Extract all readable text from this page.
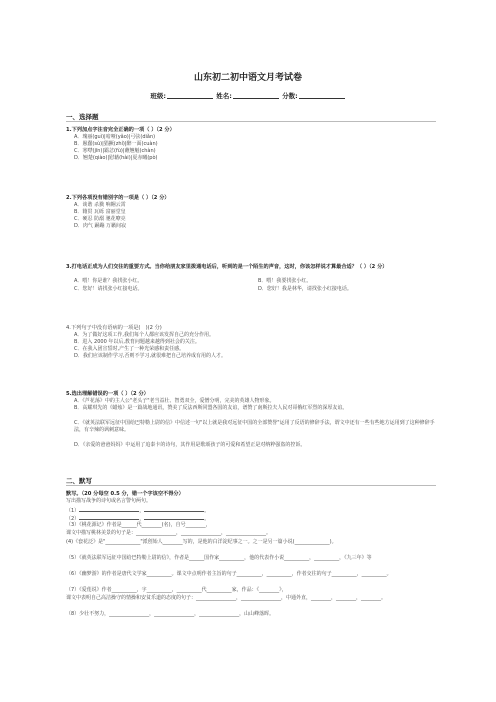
山东初二初中语文月考试卷
班级:	姓名:	分数:
一、选择题
1.下列加点字注音完全正确的一项（ ）（2 分）
A．瑰丽(guì)|喑哑(yǎo)|弓弦(diǎn)
B．愚蠢(sù)|猖獗(zhí)|醉一面(cuàn)
C．寒噤(jīn)|霸忿(fù)|蘸翘魁(chàn)
D．翘楚(qiào)|慰藉(hài)|夏赤曦(pò)
2.下列各项没有错别字的一项是（ ）（2 分）
A．谈谐 杀戮 响翱云霄
B．籍贯 瓦砾 富丽堂皇
C．硬忍 防溺 驰花嘹亮
D．肉气 踊蹦 万籁间寂
3.打电话正成为人们交往的重要方式。当你给朋友家里拨通电话后，听到的是一个陌生的声音，这时，你该怎样说才算最合适？（ ）（2 分）
A．喂！你是谁？我找张小红。	B．喂！我要找张小红。
C．您好！请找张小红接电话。	D．您好！我是林华，请找张小红接电话。
4.下列句子中没有语病的一项是(　)(2 分)
A．为了做好这项工作,我们每个人都应该发挥自己的充分作用。
B．进入 2000 年以后,教育问题越来越得到社会的关注。
C．在我入团宣誓时,产生了一种光荣感和责任感。
D．我们应该制作学习,否则不学习,就很难把自己培养成有用的人才。
5.选出理解错误的一项（ ）（2 分）
A．《芦花荡》中的主人公"老头子"老当益壮、智勇双全，爱憎分明，完美的英雄人物形象。
B．高耀琪先的《蜡烛》是一篇战地通讯，赞美了反法西斯同盟各国的友谊，谱赞了南斯拉夫人民对哥俄红军烈的深厚友谊。
C．《就英法联军远征中国给巴特勒上尉的信》中信述一句"以上就是我对远征中国的全部赞誉"运用了反语的修辞手法，谓文中还有一些有些地方运用到了这种修辞手法，有辛辣的讽刺意味。
D．《亲爱的爸爸妈妈》中运用了追泰卡的诗句，其作用是歌颂孩子的可爱和希望正是对纳粹强盗的控诉。
二、默写
默写。（20 分每空 0.5 分，错一个字该空不得分）
写出描写战争的诗句或名言警句两句。
（1）	，	。
（2）	，	。
（3）《桃花源记》作者是______代________(名)，自号________，
课文中描写桃林美景的句子是：________________，________________，________________。
(4)《套花泛》是"______________"派创始人________写的，是他的白洋淀纪事之一。之一是另一篇小说(______________)。
（5）《就英法联军远征中国给巴特勒上尉的信》，作者是______国作家__________，他的代表作小说__________，__________，《九三年》等
（6）《幽梦游》的作者是唐代文学家__________。课文中点明作者主旨的句子__________，__________，作者交往的句子__________，__________。
（7）《爱莲说》作者__________，字__________，__________代__________家，作品：《________》，
课文中表明自己高洁操守的情操和安贫乐道的态度的句子：________________，________________，中通外直，________，________，________。
（8）少壮不努力，________________，________________，________________，山山峰落晖。
